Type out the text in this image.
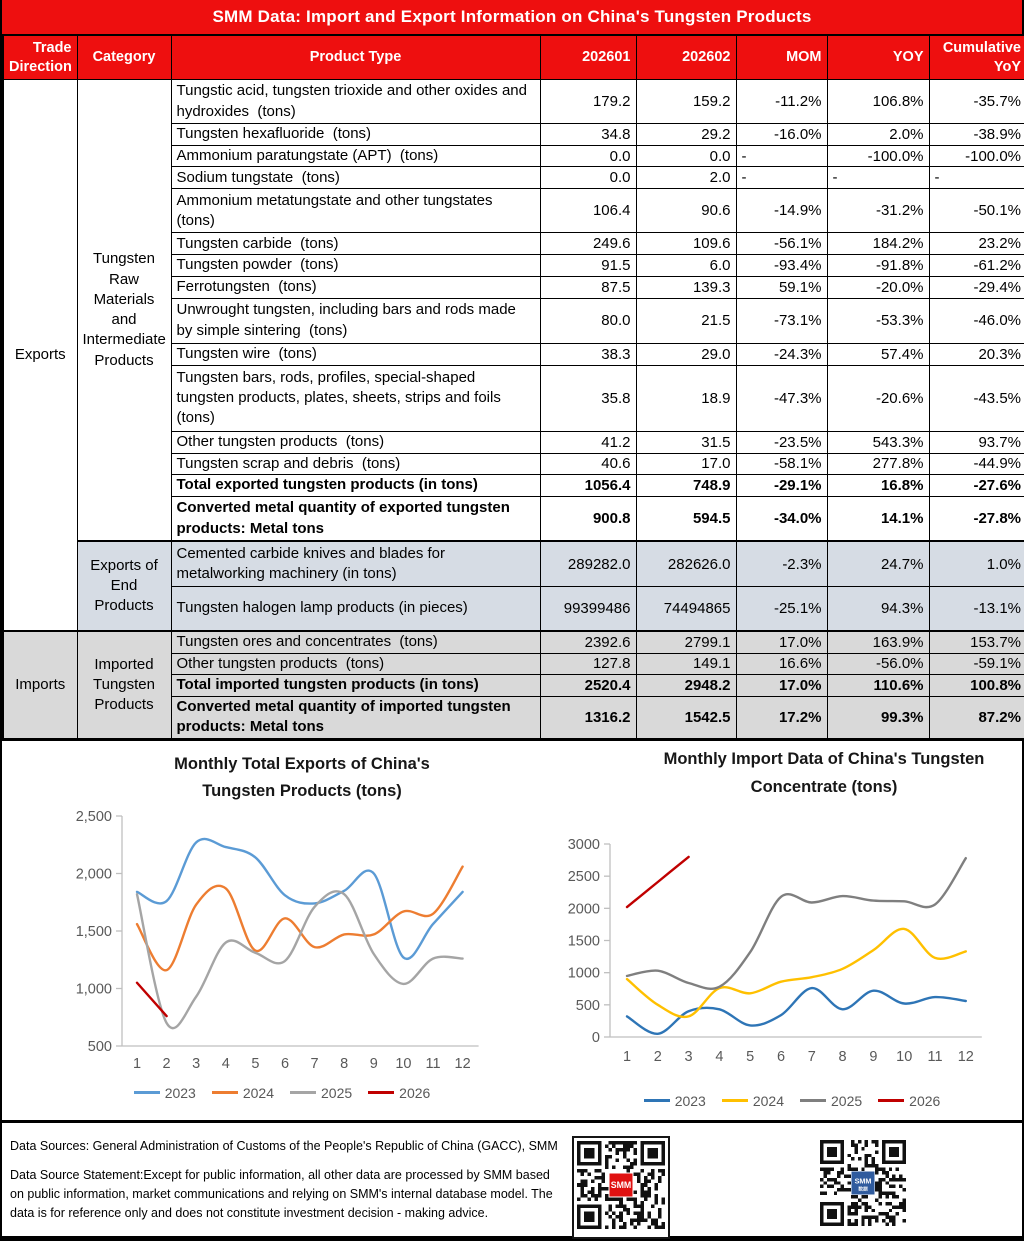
SMM Data: Import and Export Information on China's Tungsten Products
Trade Direction	Category	Product Type	202601	202602	MOM	YOY	Cumulative YoY
Exports	Tungsten Raw Materials and Intermediate Products	Tungstic acid, tungsten trioxide and other oxides and hydroxides  (tons)	179.2	159.2	-11.2%	106.8%	-35.7%
		Tungsten hexafluoride  (tons)	34.8	29.2	-16.0%	2.0%	-38.9%
		Ammonium paratungstate (APT)  (tons)	0.0	0.0	-	-100.0%	-100.0%
		Sodium tungstate  (tons)	0.0	2.0	-	-	-
		Ammonium metatungstate and other tungstates  (tons)	106.4	90.6	-14.9%	-31.2%	-50.1%
		Tungsten carbide  (tons)	249.6	109.6	-56.1%	184.2%	23.2%
		Tungsten powder  (tons)	91.5	6.0	-93.4%	-91.8%	-61.2%
		Ferrotungsten  (tons)	87.5	139.3	59.1%	-20.0%	-29.4%
		Unwrought tungsten, including bars and rods made by simple sintering  (tons)	80.0	21.5	-73.1%	-53.3%	-46.0%
		Tungsten wire  (tons)	38.3	29.0	-24.3%	57.4%	20.3%
		Tungsten bars, rods, profiles, special-shaped tungsten products, plates, sheets, strips and foils  (tons)	35.8	18.9	-47.3%	-20.6%	-43.5%
		Other tungsten products  (tons)	41.2	31.5	-23.5%	543.3%	93.7%
		Tungsten scrap and debris  (tons)	40.6	17.0	-58.1%	277.8%	-44.9%
		Total exported tungsten products (in tons)	1056.4	748.9	-29.1%	16.8%	-27.6%
		Converted metal quantity of exported tungsten products: Metal tons	900.8	594.5	-34.0%	14.1%	-27.8%
	Exports of End Products	Cemented carbide knives and blades for metalworking machinery (in tons)	289282.0	282626.0	-2.3%	24.7%	1.0%
		Tungsten halogen lamp products (in pieces)	99399486	74494865	-25.1%	94.3%	-13.1%
Imports	Imported Tungsten Products	Tungsten ores and concentrates  (tons)	2392.6	2799.1	17.0%	163.9%	153.7%
		Other tungsten products  (tons)	127.8	149.1	16.6%	-56.0%	-59.1%
		Total imported tungsten products (in tons)	2520.4	2948.2	17.0%	110.6%	100.8%
		Converted metal quantity of imported tungsten products: Metal tons	1316.2	1542.5	17.2%	99.3%	87.2%
Monthly Total Exports of China's
Tungsten Products (tons)
500
1,000
1,500
2,000
2,500
1 2 3 4 5 6 7 8 9 10 11 12
2023	2024	2025	2026
Monthly Import Data of China's Tungsten
Concentrate (tons)
0
500
1000
1500
2000
2500
3000
1 2 3 4 5 6 7 8 9 10 11 12
2023	2024	2025	2026

Data Sources: General Administration of Customs of the People's Republic of China (GACC), SMM

Data Source Statement:Except for public information, all other data are processed by SMM based on public information, market communications and relying on SMM's internal database model. The data is for reference only and does not constitute investment decision - making advice.

SMM	SMM
数据
